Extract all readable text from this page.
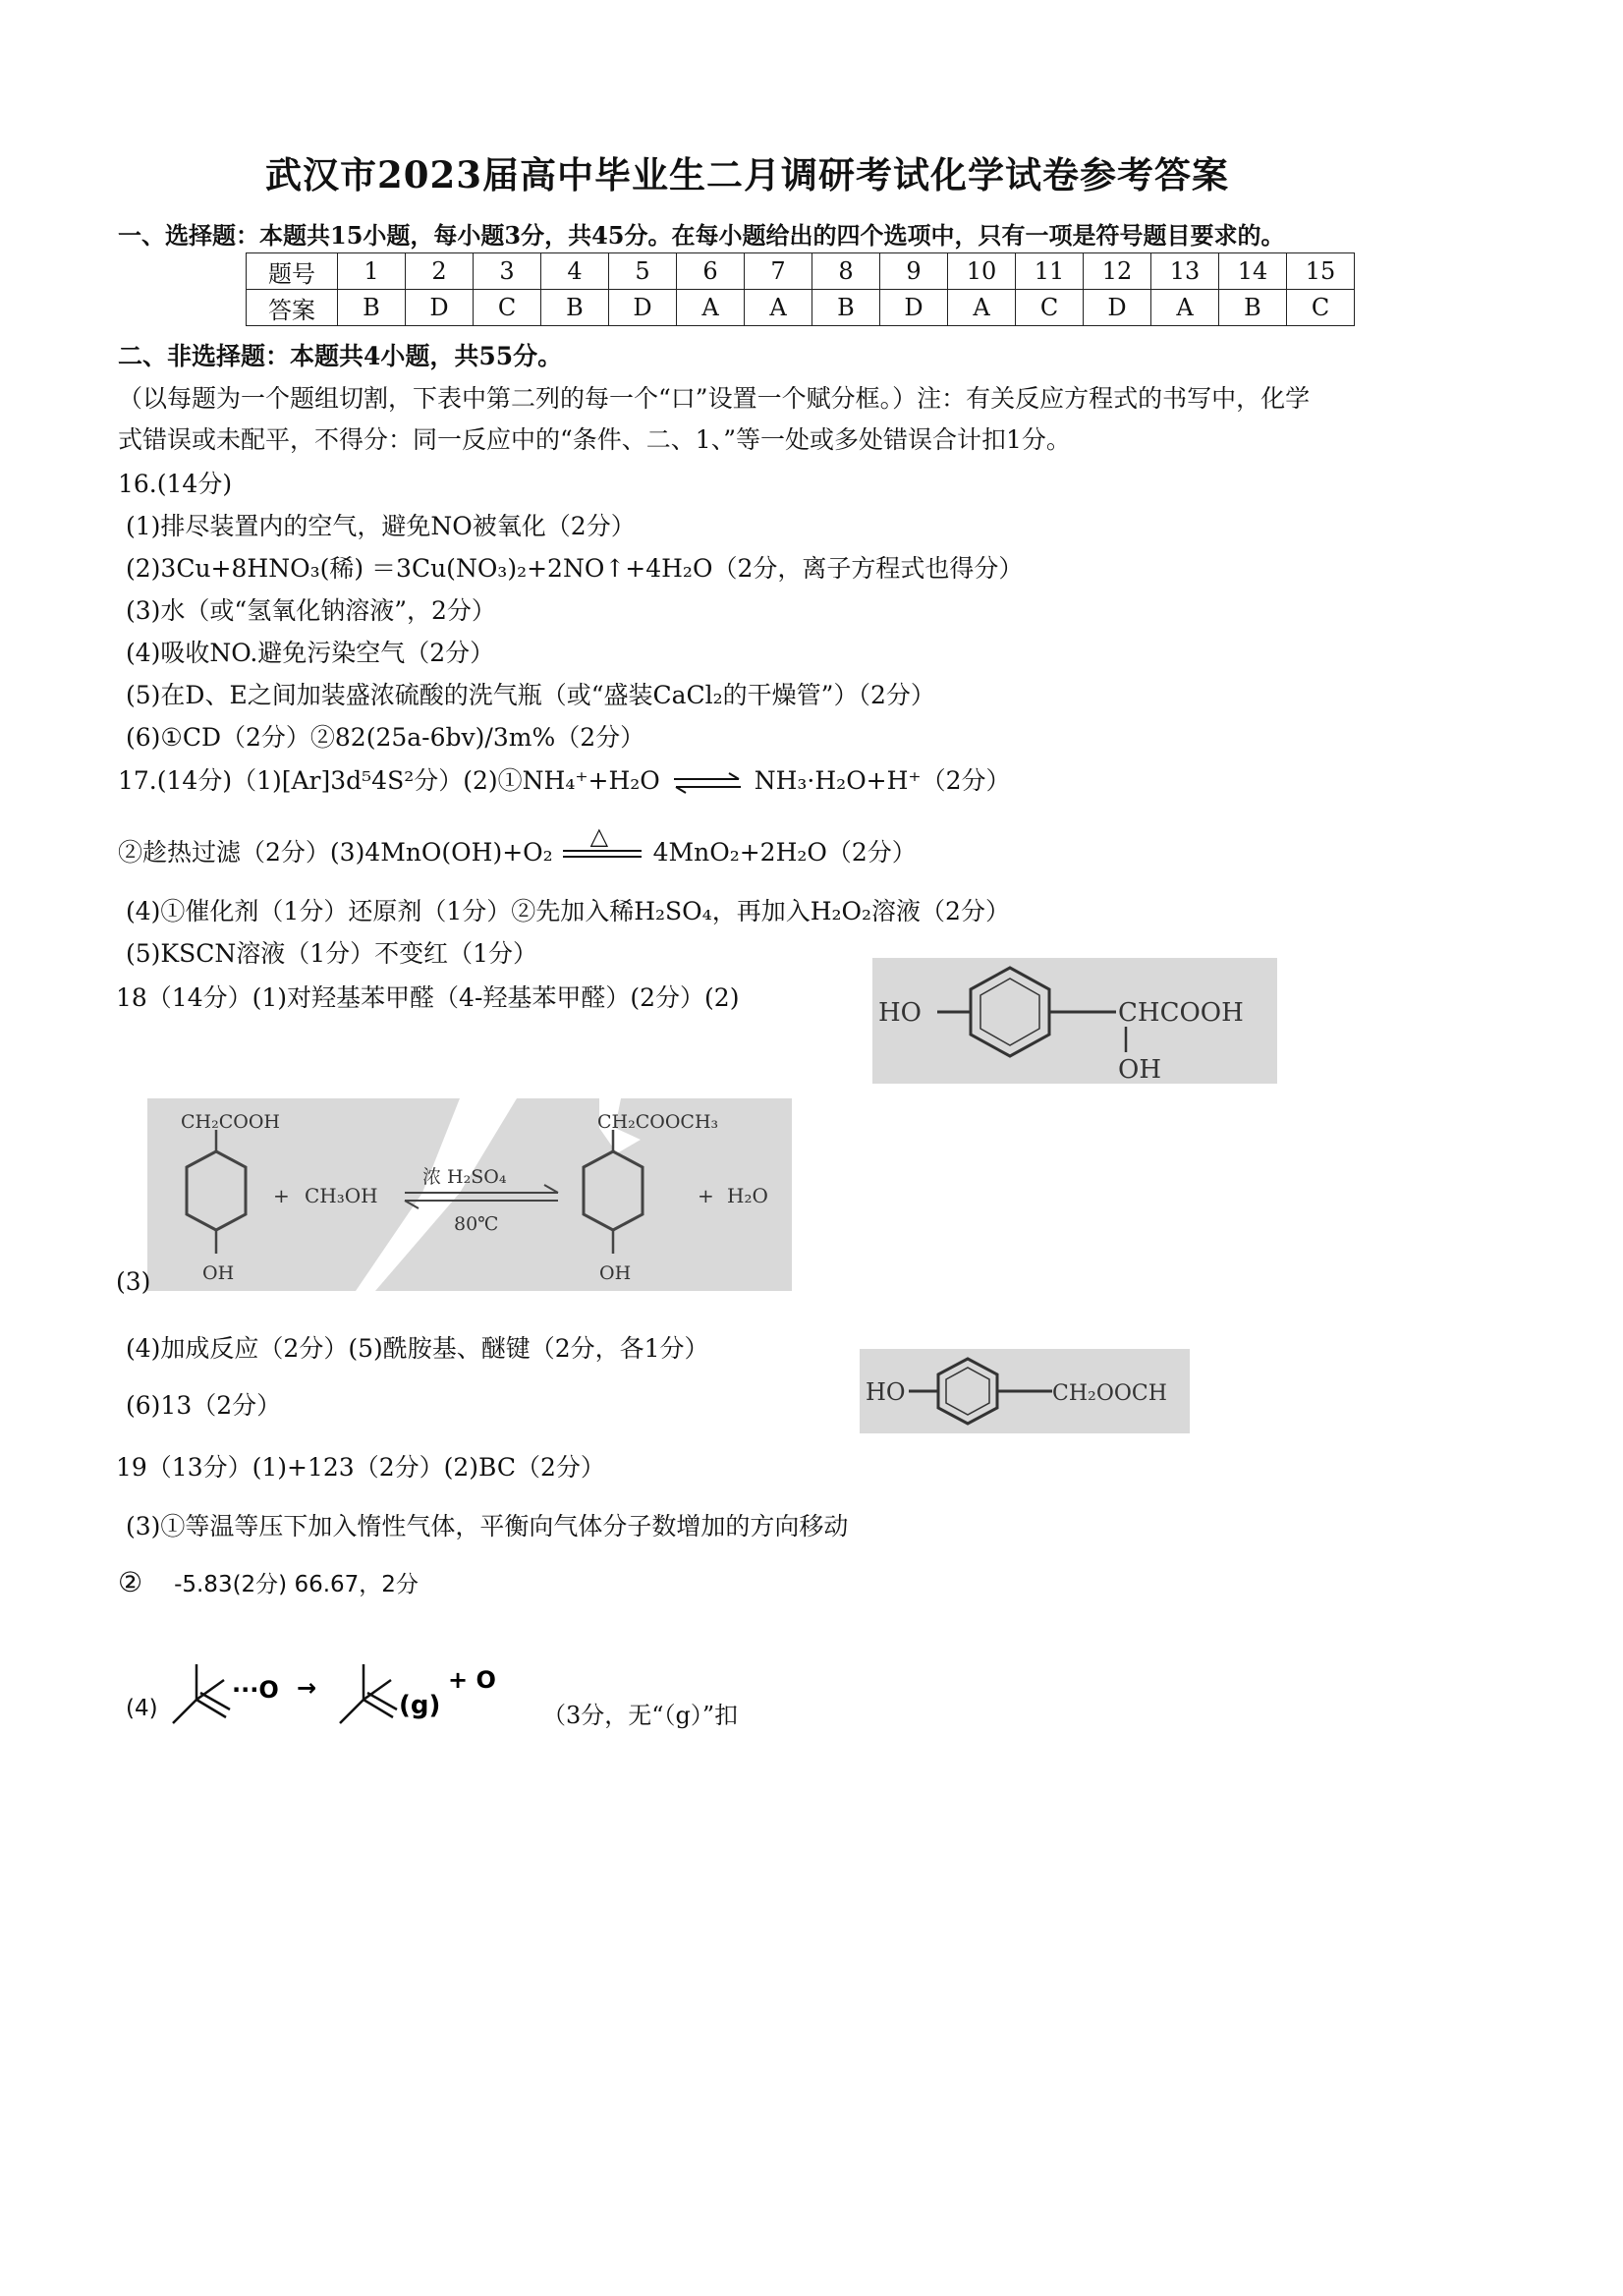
武汉市2023届高中毕业生二月调研考试化学试卷参考答案
一、选择题：本题共15小题，每小题3分，共45分。在每小题给出的四个选项中，只有一项是符号题目要求的。
题号	1	2	3	4	5	6	7	8	9	10	11	12	13	14	15
答案	B	D	C	B	D	A	A	B	D	A	C	D	A	B	C
二、非选择题：本题共4小题，共55分。
（以每题为一个题组切割，下表中第二列的每一个“口”设置一个赋分框。）注：有关反应方程式的书写中，化学
式错误或未配平，不得分：同一反应中的“条件、二、1、”等一处或多处错误合计扣1分。
16.(14分)
(1)排尽装置内的空气，避免NO被氧化（2分）
(2)3Cu+8HNO₃(稀) ＝3Cu(NO₃)₂+2NO↑+4H₂O（2分，离子方程式也得分）
(3)水（或“氢氧化钠溶液”，2分）
(4)吸收NO.避免污染空气（2分）
(5)在D、E之间加装盛浓硫酸的洗气瓶（或“盛装CaCl₂的干燥管”）（2分）
(6)①CD（2分）②82(25a-6bv)/3m%（2分）
17.(14分)（1)[Ar]3d⁵4S²分）(2)①NH₄⁺+H₂O ⇌ NH₃·H₂O+H⁺（2分）
②趁热过滤（2分）(3)4MnO(OH)+O₂
△
4MnO₂+2H₂O（2分）
(4)①催化剂（1分）还原剂（1分）②先加入稀H₂SO₄，再加入H₂O₂溶液（2分）
(5)KSCN溶液（1分）不变红（1分）
18（14分）(1)对羟基苯甲醛（4-羟基苯甲醛）(2分）(2)
HO	CHCOOH
OH
CH₂COOH
OH
+ CH₃OH
浓 H₂SO₄
80℃
CH₂COOCH₃
OH
+ H₂O
(3)
(4)加成反应（2分）(5)酰胺基、醚键（2分，各1分）
(6)13（2分）	HO	CH₂OOCH
19（13分）(1)+123（2分）(2)BC（2分）
(3)①等温等压下加入惰性气体，平衡向气体分子数增加的方向移动
② -5.83(2分) 66.67，2分
(4)
···O →
(g)
+ O
（3分，无“（g）”扣
